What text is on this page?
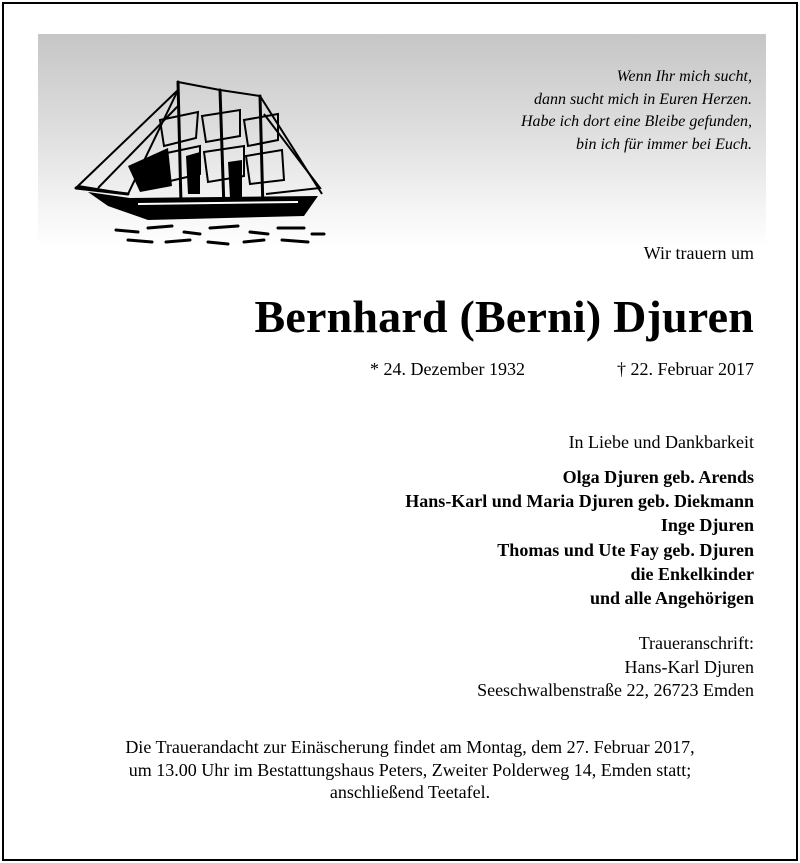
Wenn Ihr mich sucht,
dann sucht mich in Euren Herzen.
Habe ich dort eine Bleibe gefunden,
bin ich für immer bei Euch.
Wir trauern um
Bernhard (Berni) Djuren
* 24. Dezember 1932	† 22. Februar 2017
In Liebe und Dankbarkeit
Olga Djuren geb. Arends
Hans-Karl und Maria Djuren geb. Diekmann
Inge Djuren
Thomas und Ute Fay geb. Djuren
die Enkelkinder
und alle Angehörigen
Traueranschrift:
Hans-Karl Djuren
Seeschwalbenstraße 22, 26723 Emden
Die Trauerandacht zur Einäscherung findet am Montag, dem 27. Februar 2017,
um 13.00 Uhr im Bestattungshaus Peters, Zweiter Polderweg 14, Emden statt;
anschließend Teetafel.
